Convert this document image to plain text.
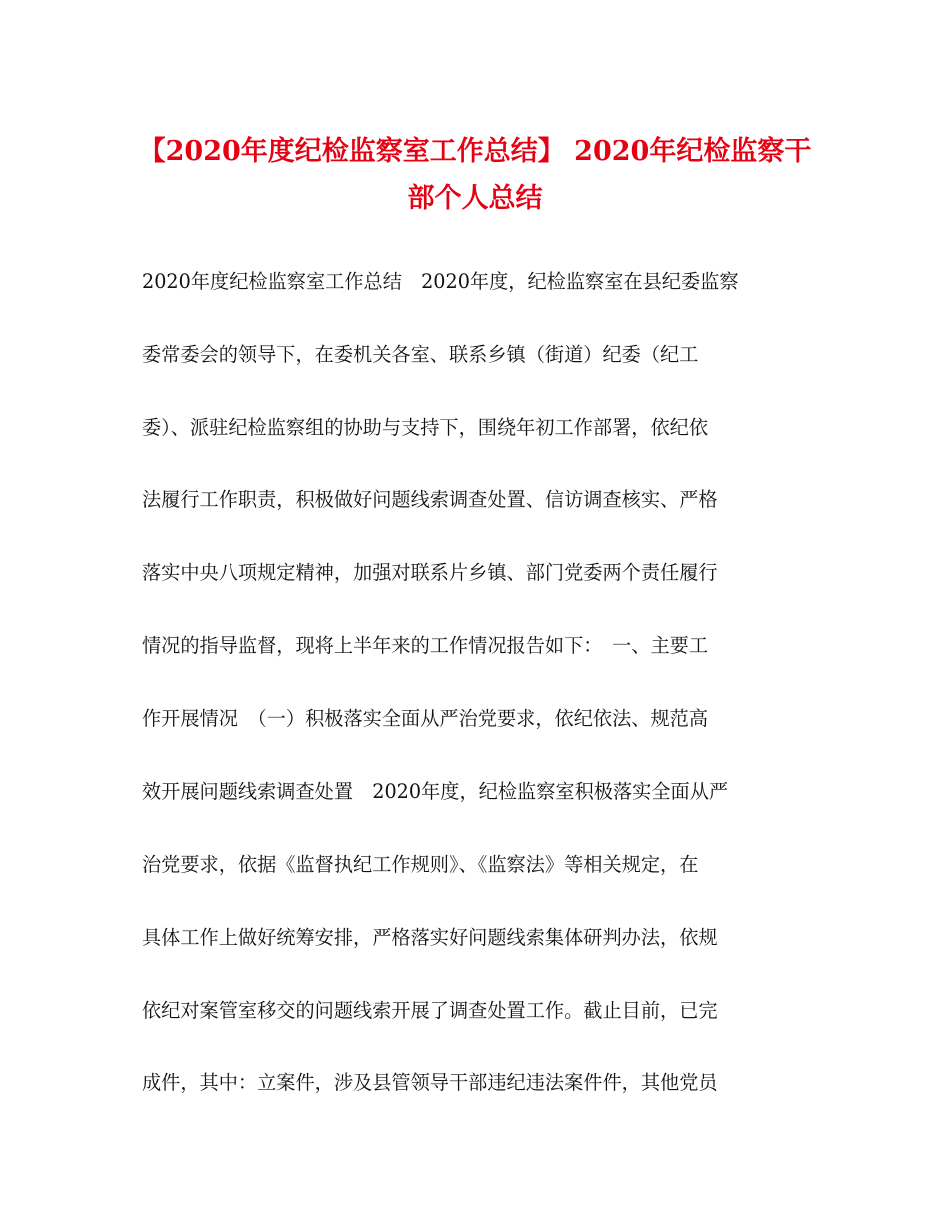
【2020年度纪检监察室工作总结】 2020年纪检监察干
部个人总结
2020年度纪检监察室工作总结　2020年度，纪检监察室在县纪委监察
委常委会的领导下，在委机关各室、联系乡镇（街道）纪委（纪工
委）、派驻纪检监察组的协助与支持下，围绕年初工作部署，依纪依
法履行工作职责，积极做好问题线索调查处置、信访调查核实、严格
落实中央八项规定精神，加强对联系片乡镇、部门党委两个责任履行
情况的指导监督，现将上半年来的工作情况报告如下：　一、主要工
作开展情况　（一）积极落实全面从严治党要求，依纪依法、规范高
效开展问题线索调查处置　2020年度，纪检监察室积极落实全面从严
治党要求，依据《监督执纪工作规则》、《监察法》等相关规定，在
具体工作上做好统筹安排，严格落实好问题线索集体研判办法，依规
依纪对案管室移交的问题线索开展了调查处置工作。截止目前，已完
成件，其中：立案件，涉及县管领导干部违纪违法案件件，其他党员
